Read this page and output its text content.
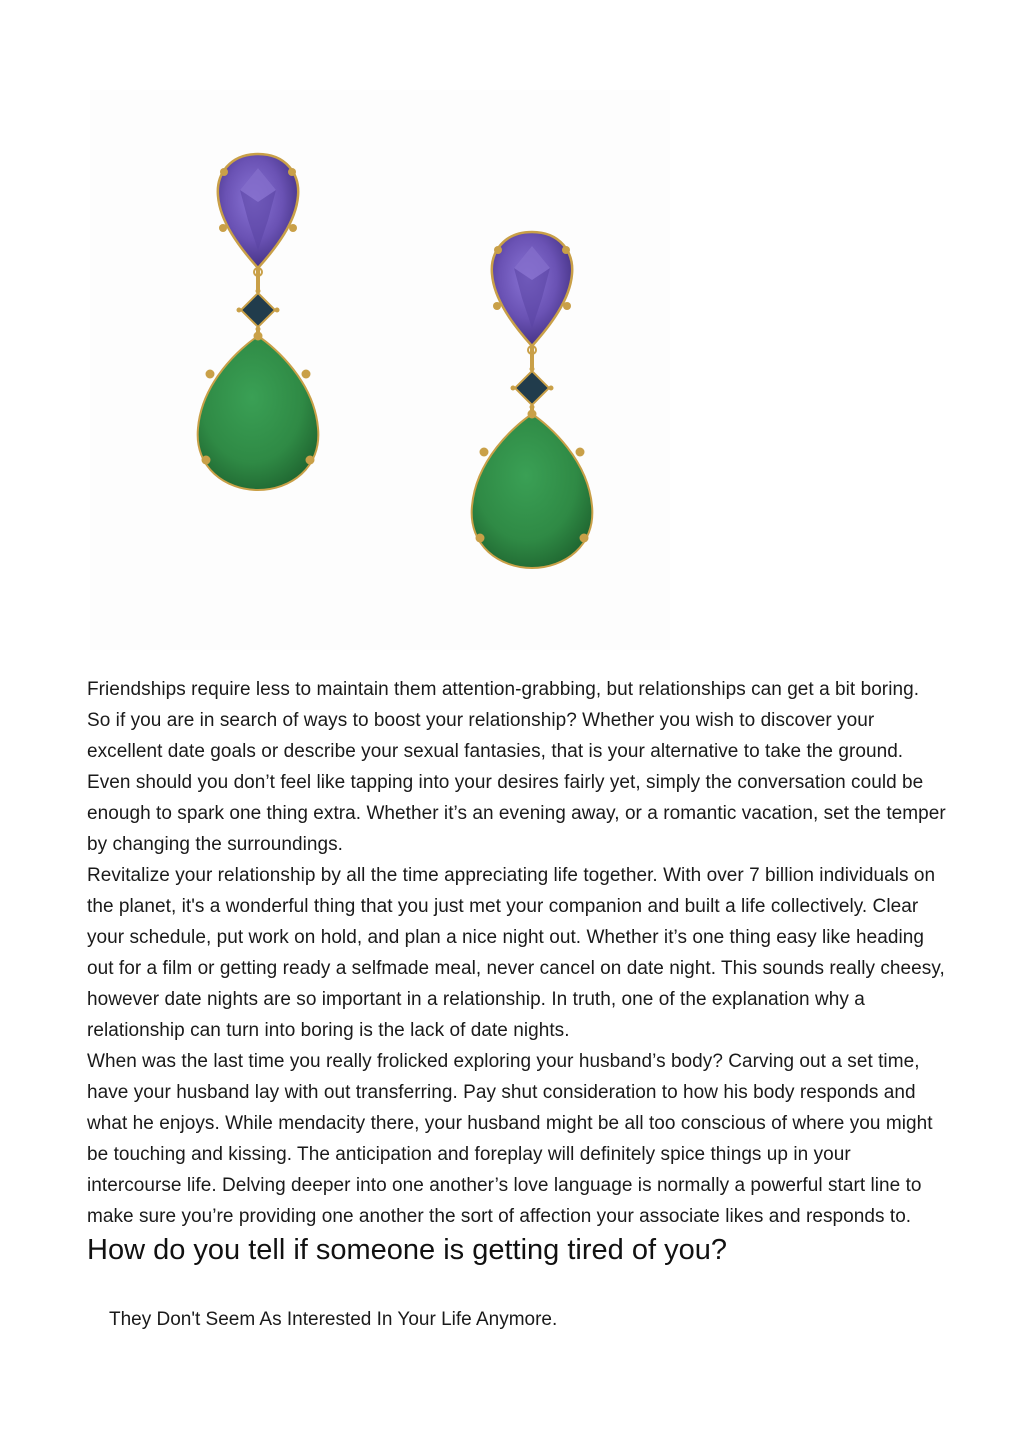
Friendships require less to maintain them attention-grabbing, but relationships can get a bit boring. So if you are in search of ways to boost your relationship? Whether you wish to discover your excellent date goals or describe your sexual fantasies, that is your alternative to take the ground. Even should you don’t feel like tapping into your desires fairly yet, simply the conversation could be enough to spark one thing extra. Whether it’s an evening away, or a romantic vacation, set the temper by changing the surroundings.

Revitalize your relationship by all the time appreciating life together. With over 7 billion individuals on the planet, it's a wonderful thing that you just met your companion and built a life collectively. Clear your schedule, put work on hold, and plan a nice night out. Whether it’s one thing easy like heading out for a film or getting ready a selfmade meal, never cancel on date night. This sounds really cheesy, however date nights are so important in a relationship. In truth, one of the explanation why a relationship can turn into boring is the lack of date nights.

When was the last time you really frolicked exploring your husband’s body? Carving out a set time, have your husband lay with out transferring. Pay shut consideration to how his body responds and what he enjoys. While mendacity there, your husband might be all too conscious of where you might be touching and kissing. The anticipation and foreplay will definitely spice things up in your intercourse life. Delving deeper into one another’s love language is normally a powerful start line to make sure you’re providing one another the sort of affection your associate likes and responds to.

How do you tell if someone is getting tired of you?
They Don't Seem As Interested In Your Life Anymore.
